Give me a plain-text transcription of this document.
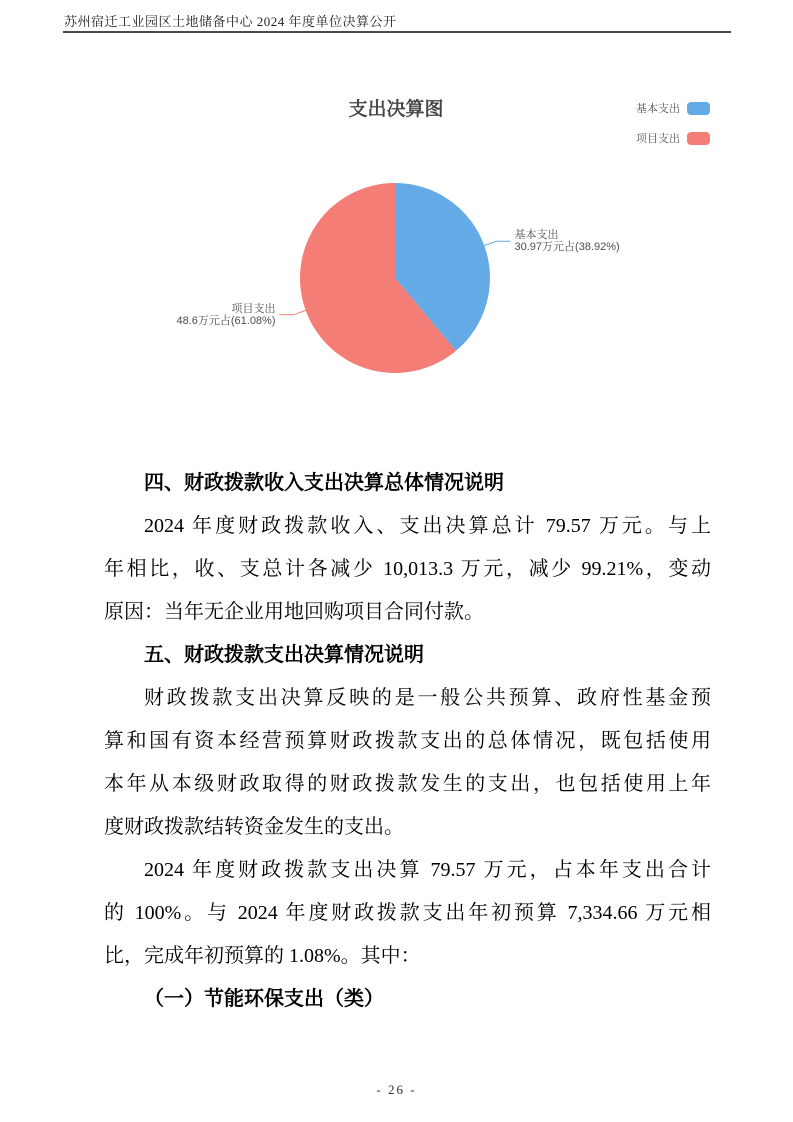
苏州宿迁工业园区土地储备中心 2024 年度单位决算公开
基本支出 30.97万元占(38.92%)
项目支出 48.6万元占(61.08%)
支出决算图	基本支出
项目支出
四、财政拨款收入支出决算总体情况说明
2024 年度财政拨款收入、支出决算总计 79.57 万元。与上
年相比，收、支总计各减少 10,013.3 万元，减少 99.21%，变动
原因：当年无企业用地回购项目合同付款。
五、财政拨款支出决算情况说明
财政拨款支出决算反映的是一般公共预算、政府性基金预
算和国有资本经营预算财政拨款支出的总体情况，既包括使用
本年从本级财政取得的财政拨款发生的支出，也包括使用上年
度财政拨款结转资金发生的支出。
2024 年度财政拨款支出决算 79.57 万元，占本年支出合计
的 100%。与 2024 年度财政拨款支出年初预算 7,334.66 万元相
比，完成年初预算的 1.08%。其中：
（一）节能环保支出（类）
- 26 -
